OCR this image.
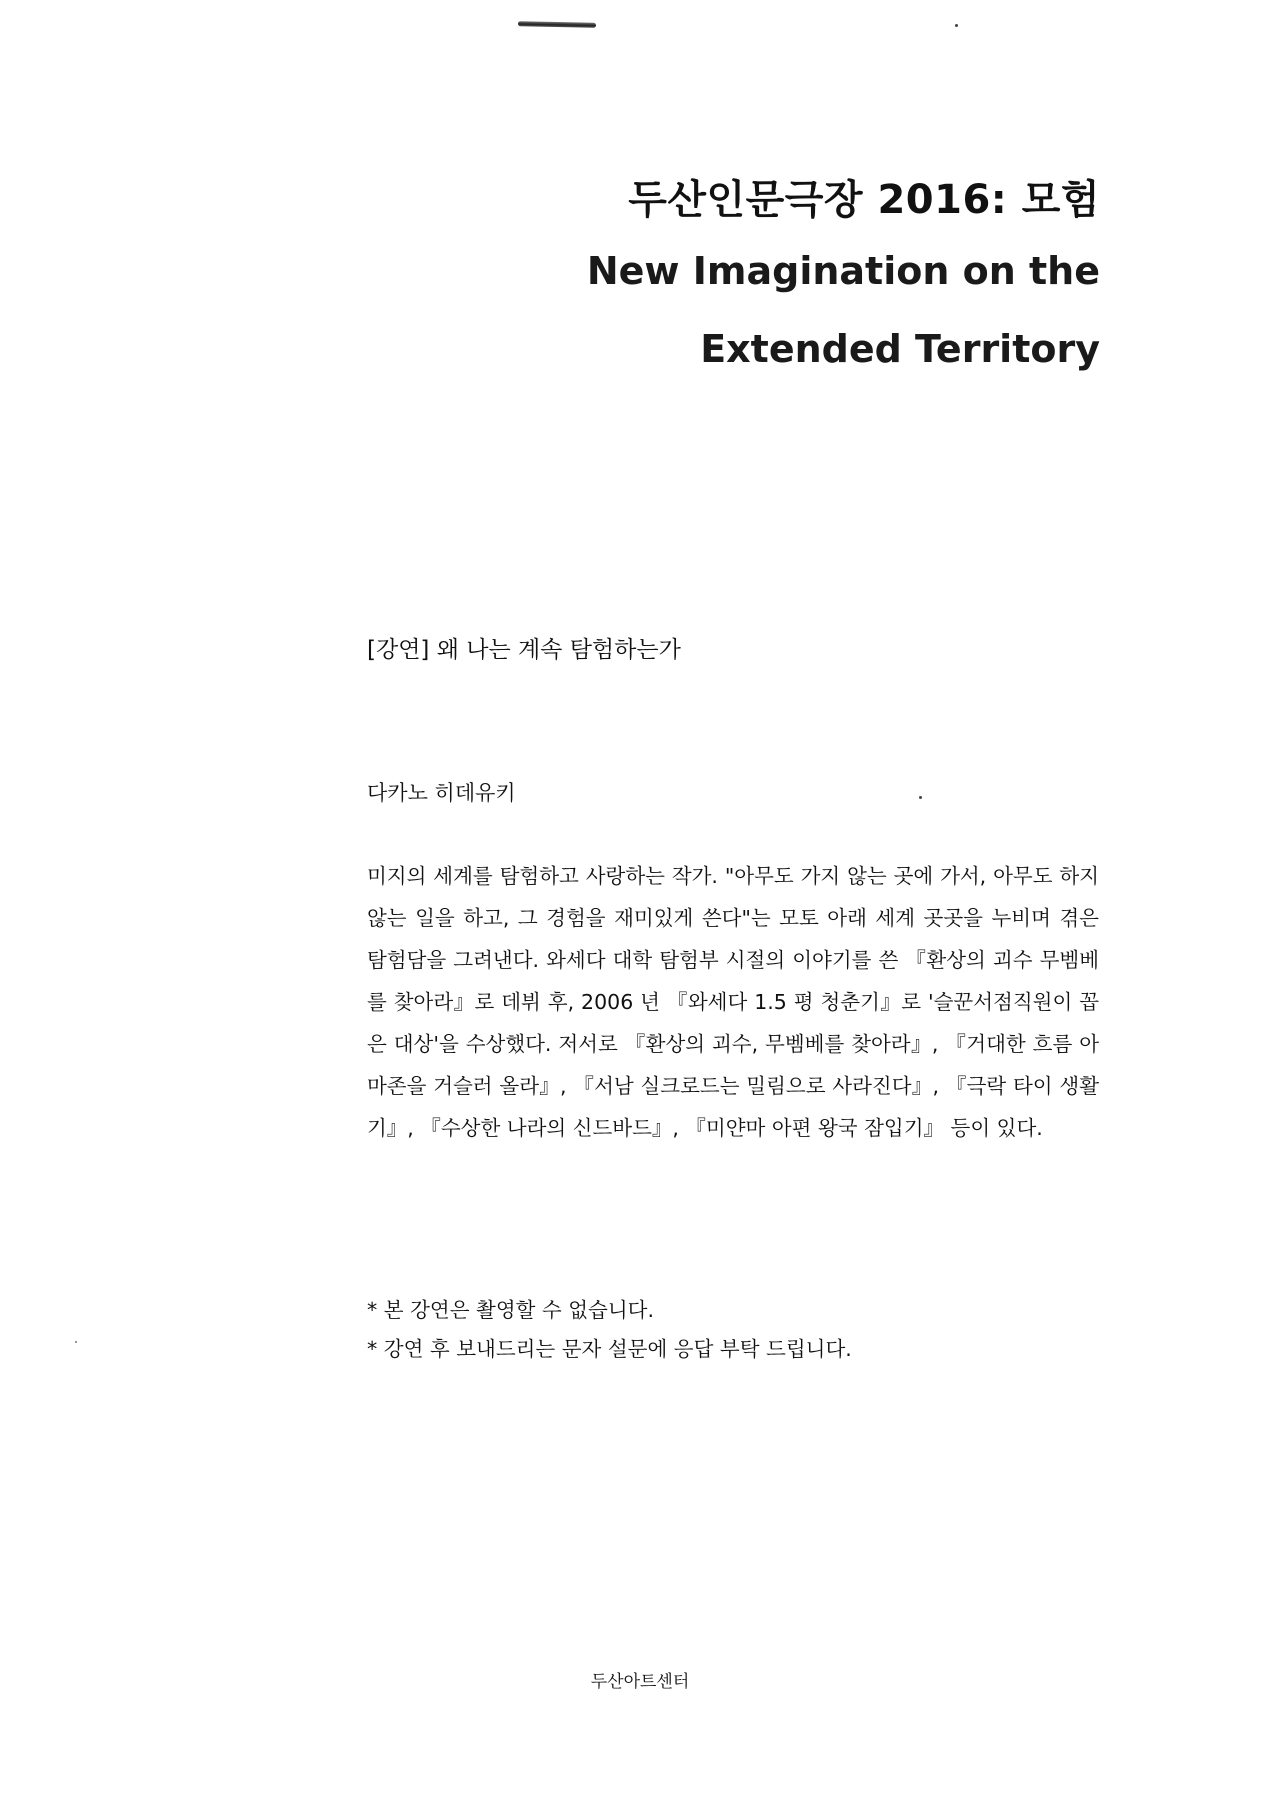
두산인문극장 2016: 모험
New Imagination on the
Extended Territory
[강연] 왜 나는 계속 탐험하는가
다카노 히데유키
미지의 세계를 탐험하고 사랑하는 작가. "아무도 가지 않는 곳에 가서, 아무도 하지 않는 일을 하고, 그 경험을 재미있게 쓴다"는 모토 아래 세계 곳곳을 누비며 겪은 탐험담을 그려낸다. 와세다 대학 탐험부 시절의 이야기를 쓴 『환상의 괴수 무벰베를 찾아라』로 데뷔 후, 2006 년 『와세다 1.5 평 청춘기』로 '슬꾼서점직원이 꼽은 대상'을 수상했다. 저서로 『환상의 괴수, 무벰베를 찾아라』, 『거대한 흐름 아마존을 거슬러 올라』, 『서남 실크로드는 밀림으로 사라진다』, 『극락 타이 생활기』, 『수상한 나라의 신드바드』, 『미얀마 아편 왕국 잠입기』 등이 있다.
* 본 강연은 촬영할 수 없습니다.
* 강연 후 보내드리는 문자 설문에 응답 부탁 드립니다.
두산아트센터
